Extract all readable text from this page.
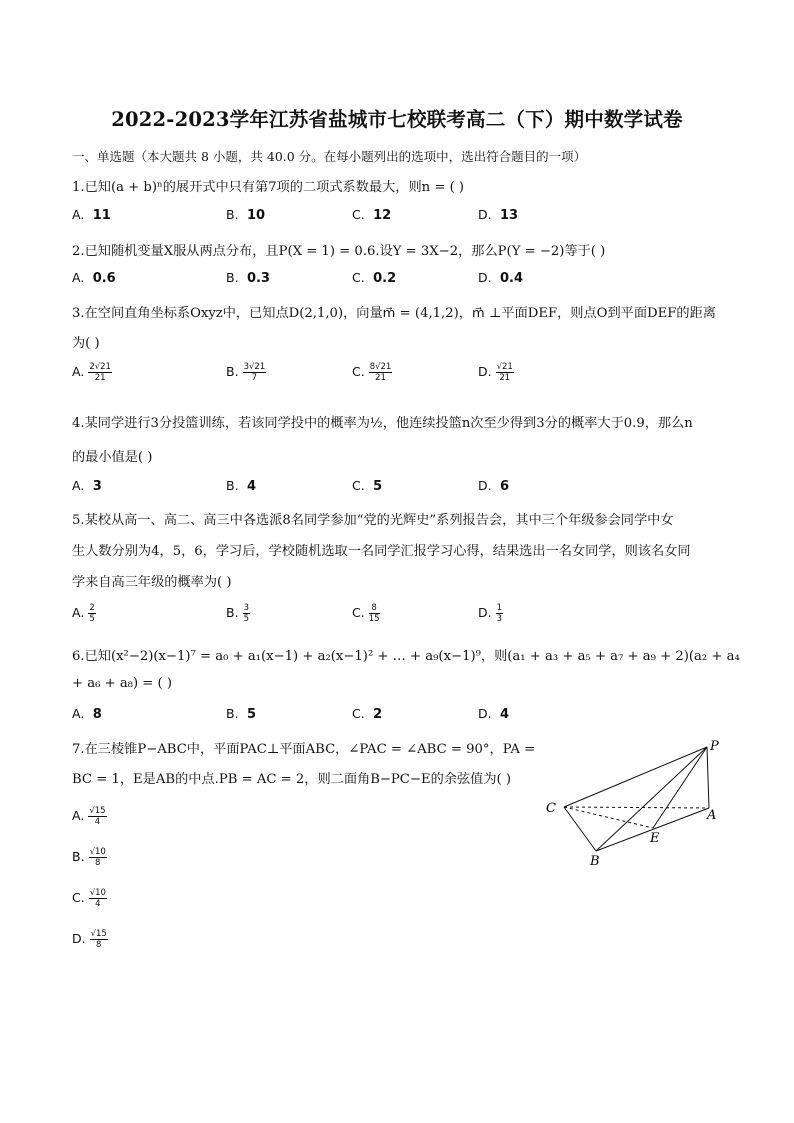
2022-2023学年江苏省盐城市七校联考高二（下）期中数学试卷
一、单选题（本大题共 8 小题，共 40.0 分。在每小题列出的选项中，选出符合题目的一项）
1.已知(a + b)ⁿ的展开式中只有第7项的二项式系数最大，则n = ( )
A. 11	B. 10	C. 12	D. 13
2.已知随机变量X服从两点分布，且P(X = 1) = 0.6.设Y = 3X−2，那么P(Y = −2)等于( )
A. 0.6	B. 0.3	C. 0.2	D. 0.4
3.在空间直角坐标系Oxyz中，已知点D(2,1,0)，向量m⃗ = (4,1,2)，m⃗ ⊥平面DEF，则点O到平面DEF的距离
为( )
A. $\frac{2√21}{21}$	B. $\frac{3√21}{7}$	C. $\frac{8√21}{21}$	D. $\frac{√21}{21}$
4.某同学进行3分投篮训练，若该同学投中的概率为½，他连续投篮n次至少得到3分的概率大于0.9，那么n
的最小值是( )
A. 3	B. 4	C. 5	D. 6
5.某校从高一、高二、高三中各选派8名同学参加“党的光辉史”系列报告会，其中三个年级参会同学中女
生人数分别为4，5，6，学习后，学校随机选取一名同学汇报学习心得，结果选出一名女同学，则该名女同
学来自高三年级的概率为( )
A. $\frac{2}{5}$	B. $\frac{3}{5}$	C. $\frac{8}{15}$	D. $\frac{1}{3}$
6.已知(x²−2)(x−1)⁷ = a₀ + a₁(x−1) + a₂(x−1)² + … + a₉(x−1)⁹，则(a₁ + a₃ + a₅ + a₇ + a₉ + 2)(a₂ + a₄
+ a₆ + a₈) = ( )
A. 8	B. 5	C. 2	D. 4
7.在三棱锥P−ABC中，平面PAC⊥平面ABC，∠PAC = ∠ABC = 90°，PA =
BC = 1，E是AB的中点.PB = AC = 2，则二面角B−PC−E的余弦值为( )
A. $\frac{√15}{4}$
B. $\frac{√10}{8}$
C. $\frac{√10}{4}$
D. $\frac{√15}{8}$
P
C	A
E
B
